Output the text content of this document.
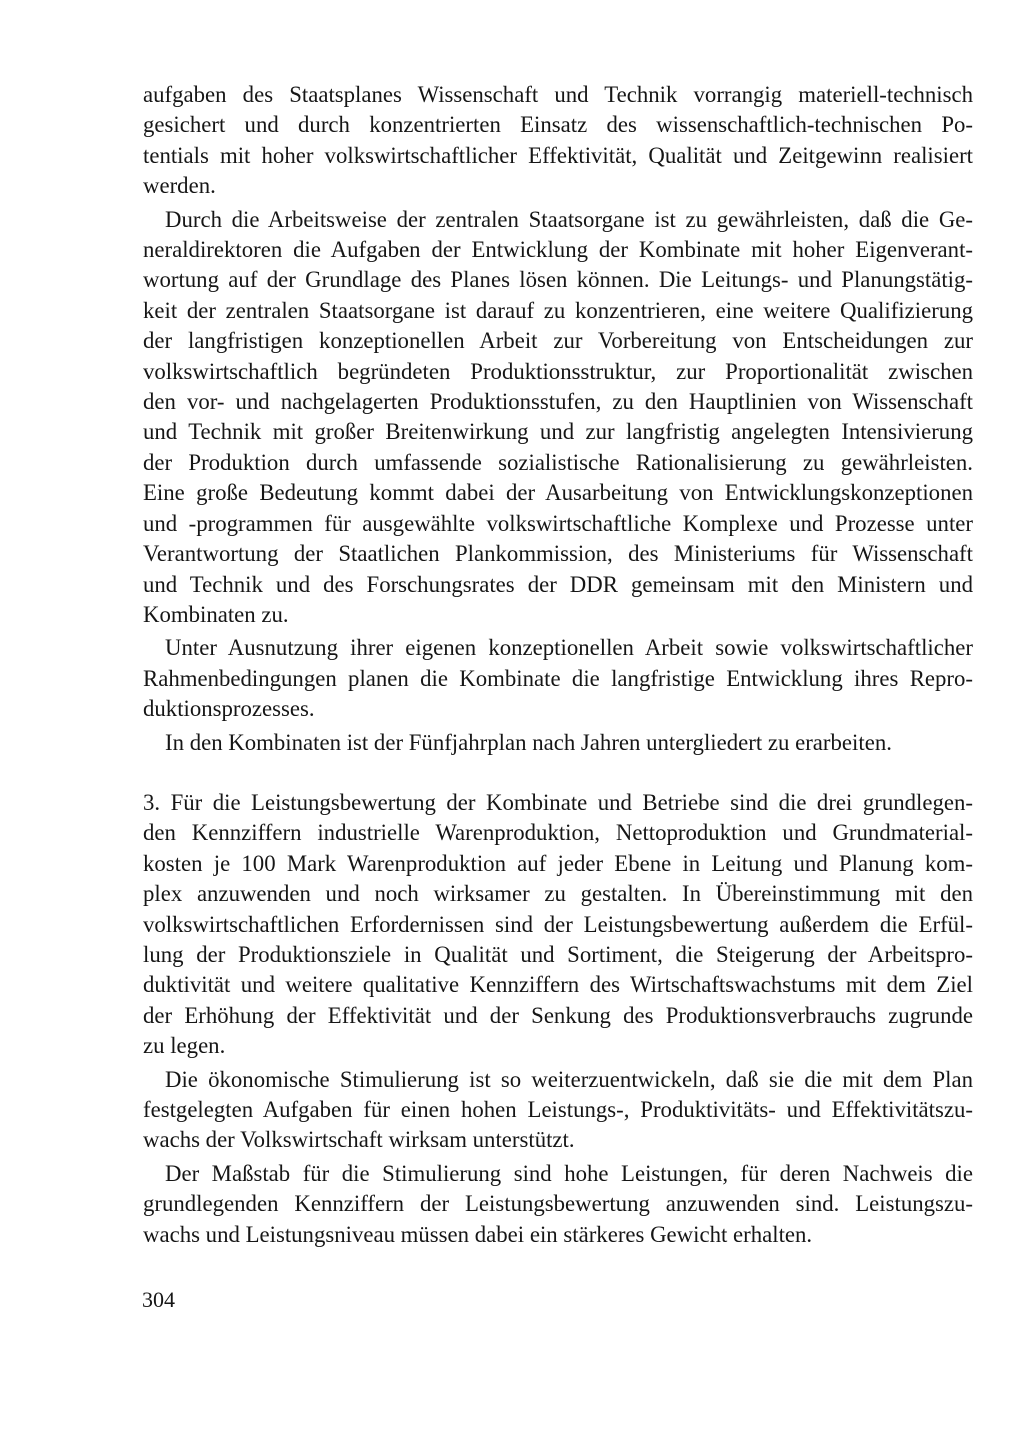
aufgaben des Staatsplanes Wissenschaft und Technik vorrangig materiell-technisch
gesichert und durch konzentrierten Einsatz des wissenschaftlich-technischen Po-
tentials mit hoher volkswirtschaftlicher Effektivität, Qualität und Zeitgewinn realisiert
werden.

Durch die Arbeitsweise der zentralen Staatsorgane ist zu gewährleisten, daß die Ge-
neraldirektoren die Aufgaben der Entwicklung der Kombinate mit hoher Eigenverant-
wortung auf der Grundlage des Planes lösen können. Die Leitungs- und Planungstätig-
keit der zentralen Staatsorgane ist darauf zu konzentrieren, eine weitere Qualifizierung
der langfristigen konzeptionellen Arbeit zur Vorbereitung von Entscheidungen zur
volkswirtschaftlich begründeten Produktionsstruktur, zur Proportionalität zwischen
den vor- und nachgelagerten Produktionsstufen, zu den Hauptlinien von Wissenschaft
und Technik mit großer Breitenwirkung und zur langfristig angelegten Intensivierung
der Produktion durch umfassende sozialistische Rationalisierung zu gewährleisten.
Eine große Bedeutung kommt dabei der Ausarbeitung von Entwicklungskonzeptionen
und -programmen für ausgewählte volkswirtschaftliche Komplexe und Prozesse unter
Verantwortung der Staatlichen Plankommission, des Ministeriums für Wissenschaft
und Technik und des Forschungsrates der DDR gemeinsam mit den Ministern und
Kombinaten zu.

Unter Ausnutzung ihrer eigenen konzeptionellen Arbeit sowie volkswirtschaftlicher
Rahmenbedingungen planen die Kombinate die langfristige Entwicklung ihres Repro-
duktionsprozesses.

In den Kombinaten ist der Fünfjahrplan nach Jahren untergliedert zu erarbeiten.

3. Für die Leistungsbewertung der Kombinate und Betriebe sind die drei grundlegen-
den Kennziffern industrielle Warenproduktion, Nettoproduktion und Grundmaterial-
kosten je 100 Mark Warenproduktion auf jeder Ebene in Leitung und Planung kom-
plex anzuwenden und noch wirksamer zu gestalten. In Übereinstimmung mit den
volkswirtschaftlichen Erfordernissen sind der Leistungsbewertung außerdem die Erfül-
lung der Produktionsziele in Qualität und Sortiment, die Steigerung der Arbeitspro-
duktivität und weitere qualitative Kennziffern des Wirtschaftswachstums mit dem Ziel
der Erhöhung der Effektivität und der Senkung des Produktionsverbrauchs zugrunde
zu legen.

Die ökonomische Stimulierung ist so weiterzuentwickeln, daß sie die mit dem Plan
festgelegten Aufgaben für einen hohen Leistungs-, Produktivitäts- und Effektivitätszu-
wachs der Volkswirtschaft wirksam unterstützt.

Der Maßstab für die Stimulierung sind hohe Leistungen, für deren Nachweis die
grundlegenden Kennziffern der Leistungsbewertung anzuwenden sind. Leistungszu-
wachs und Leistungsniveau müssen dabei ein stärkeres Gewicht erhalten.

304
